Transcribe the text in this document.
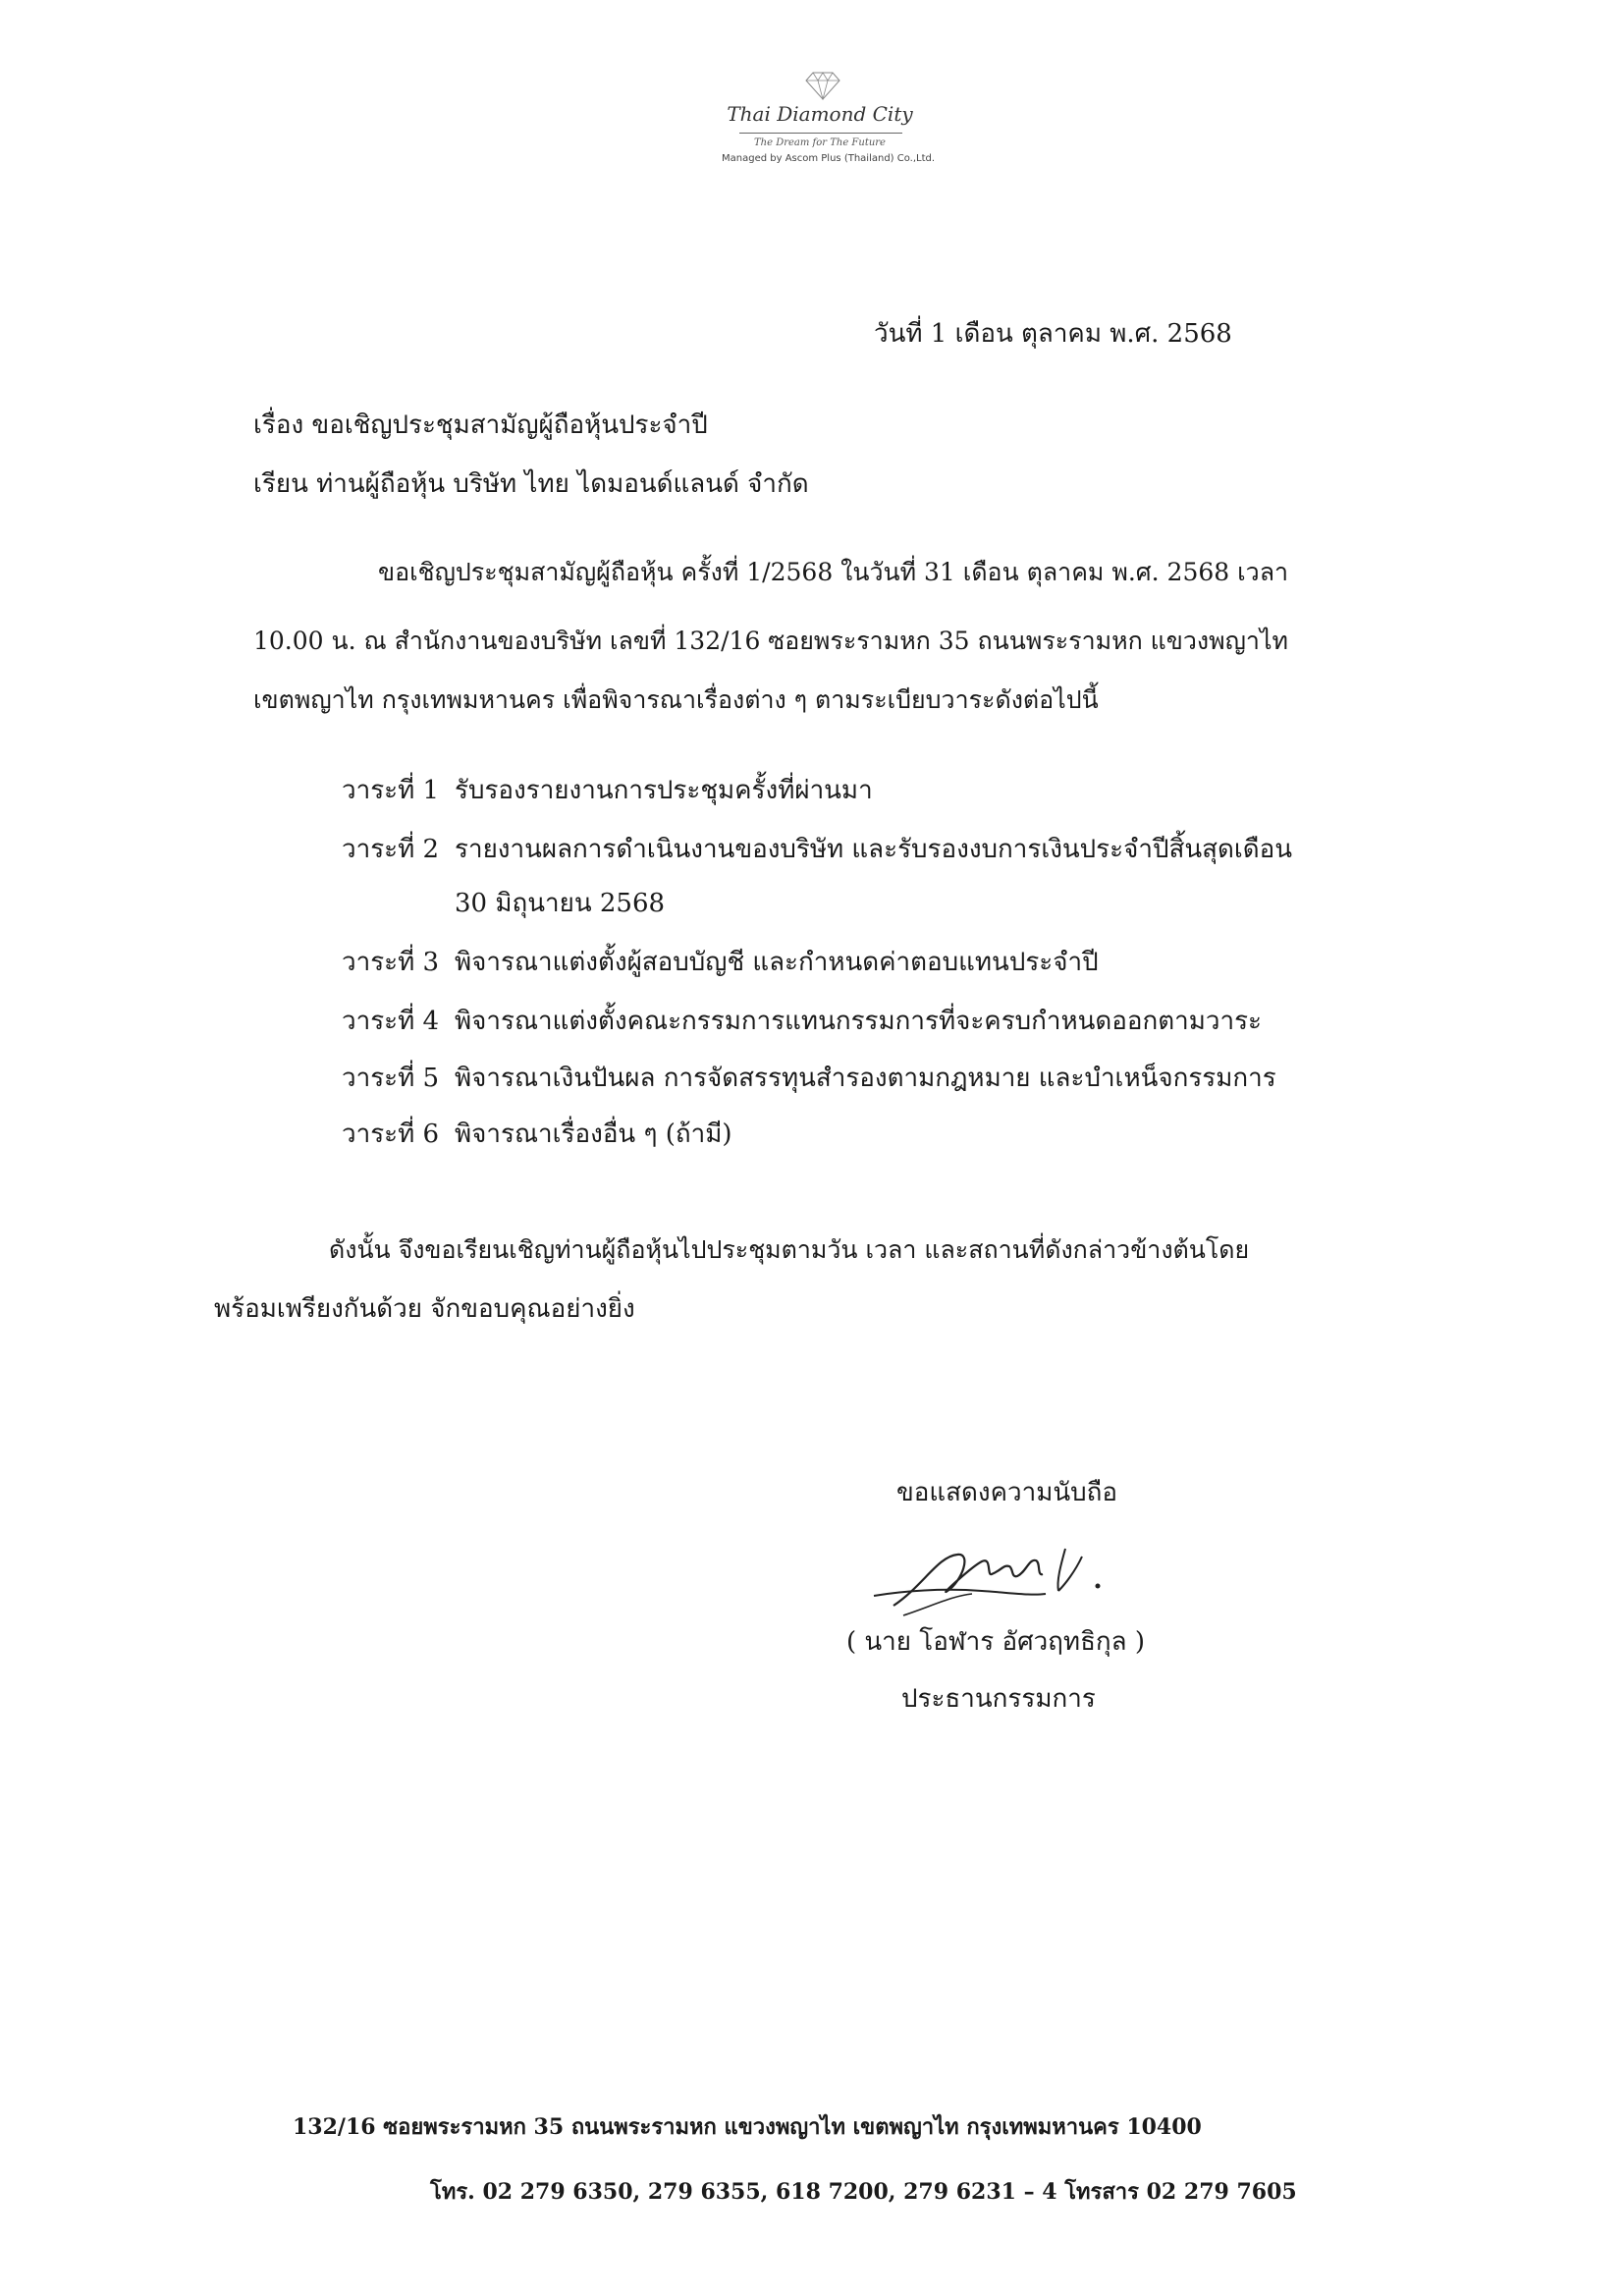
Thai Diamond City
The Dream for The Future
Managed by Ascom Plus (Thailand) Co.,Ltd.
วันที่ 1 เดือน ตุลาคม พ.ศ. 2568
เรื่อง ขอเชิญประชุมสามัญผู้ถือหุ้นประจำปี
เรียน ท่านผู้ถือหุ้น บริษัท ไทย ไดมอนด์แลนด์ จำกัด
ขอเชิญประชุมสามัญผู้ถือหุ้น ครั้งที่ 1/2568 ในวันที่ 31 เดือน ตุลาคม พ.ศ. 2568 เวลา
10.00 น. ณ สำนักงานของบริษัท เลขที่ 132/16 ซอยพระรามหก 35 ถนนพระรามหก แขวงพญาไท
เขตพญาไท กรุงเทพมหานคร เพื่อพิจารณาเรื่องต่าง ๆ ตามระเบียบวาระดังต่อไปนี้
วาระที่ 1 รับรองรายงานการประชุมครั้งที่ผ่านมา
วาระที่ 2 รายงานผลการดำเนินงานของบริษัท และรับรองงบการเงินประจำปีสิ้นสุดเดือน
30 มิถุนายน 2568
วาระที่ 3 พิจารณาแต่งตั้งผู้สอบบัญชี และกำหนดค่าตอบแทนประจำปี
วาระที่ 4 พิจารณาแต่งตั้งคณะกรรมการแทนกรรมการที่จะครบกำหนดออกตามวาระ
วาระที่ 5 พิจารณาเงินปันผล การจัดสรรทุนสำรองตามกฎหมาย และบำเหน็จกรรมการ
วาระที่ 6 พิจารณาเรื่องอื่น ๆ (ถ้ามี)
ดังนั้น จึงขอเรียนเชิญท่านผู้ถือหุ้นไปประชุมตามวัน เวลา และสถานที่ดังกล่าวข้างต้นโดย
พร้อมเพรียงกันด้วย จักขอบคุณอย่างยิ่ง
ขอแสดงความนับถือ
( นาย โอฬาร อัศวฤทธิกุล )
ประธานกรรมการ
132/16 ซอยพระรามหก 35 ถนนพระรามหก แขวงพญาไท เขตพญาไท กรุงเทพมหานคร 10400
โทร. 02 279 6350, 279 6355, 618 7200, 279 6231 – 4 โทรสาร 02 279 7605
